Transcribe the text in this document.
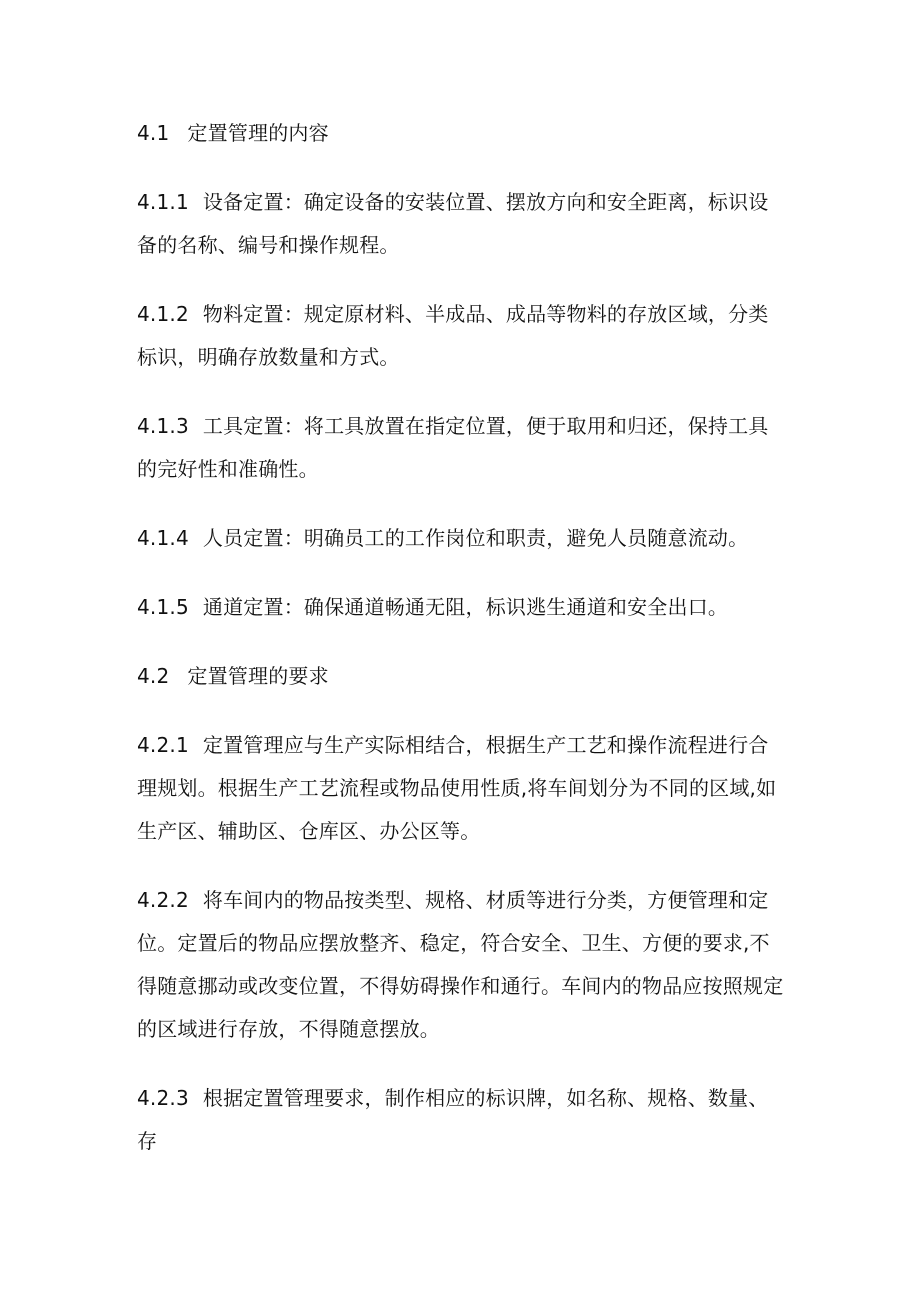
4.1 定置管理的内容

4.1.1 设备定置：确定设备的安装位置、摆放方向和安全距离，标识设备的名称、编号和操作规程。

4.1.2 物料定置：规定原材料、半成品、成品等物料的存放区域，分类标识，明确存放数量和方式。

4.1.3 工具定置：将工具放置在指定位置，便于取用和归还，保持工具的完好性和准确性。

4.1.4 人员定置：明确员工的工作岗位和职责，避免人员随意流动。

4.1.5 通道定置：确保通道畅通无阻，标识逃生通道和安全出口。

4.2 定置管理的要求

4.2.1 定置管理应与生产实际相结合，根据生产工艺和操作流程进行合理规划。根据生产工艺流程或物品使用性质,将车间划分为不同的区域,如生产区、辅助区、仓库区、办公区等。

4.2.2 将车间内的物品按类型、规格、材质等进行分类，方便管理和定位。定置后的物品应摆放整齐、稳定，符合安全、卫生、方便的要求,不得随意挪动或改变位置，不得妨碍操作和通行。车间内的物品应按照规定的区域进行存放，不得随意摆放。

4.2.3 根据定置管理要求，制作相应的标识牌，如名称、规格、数量、存
